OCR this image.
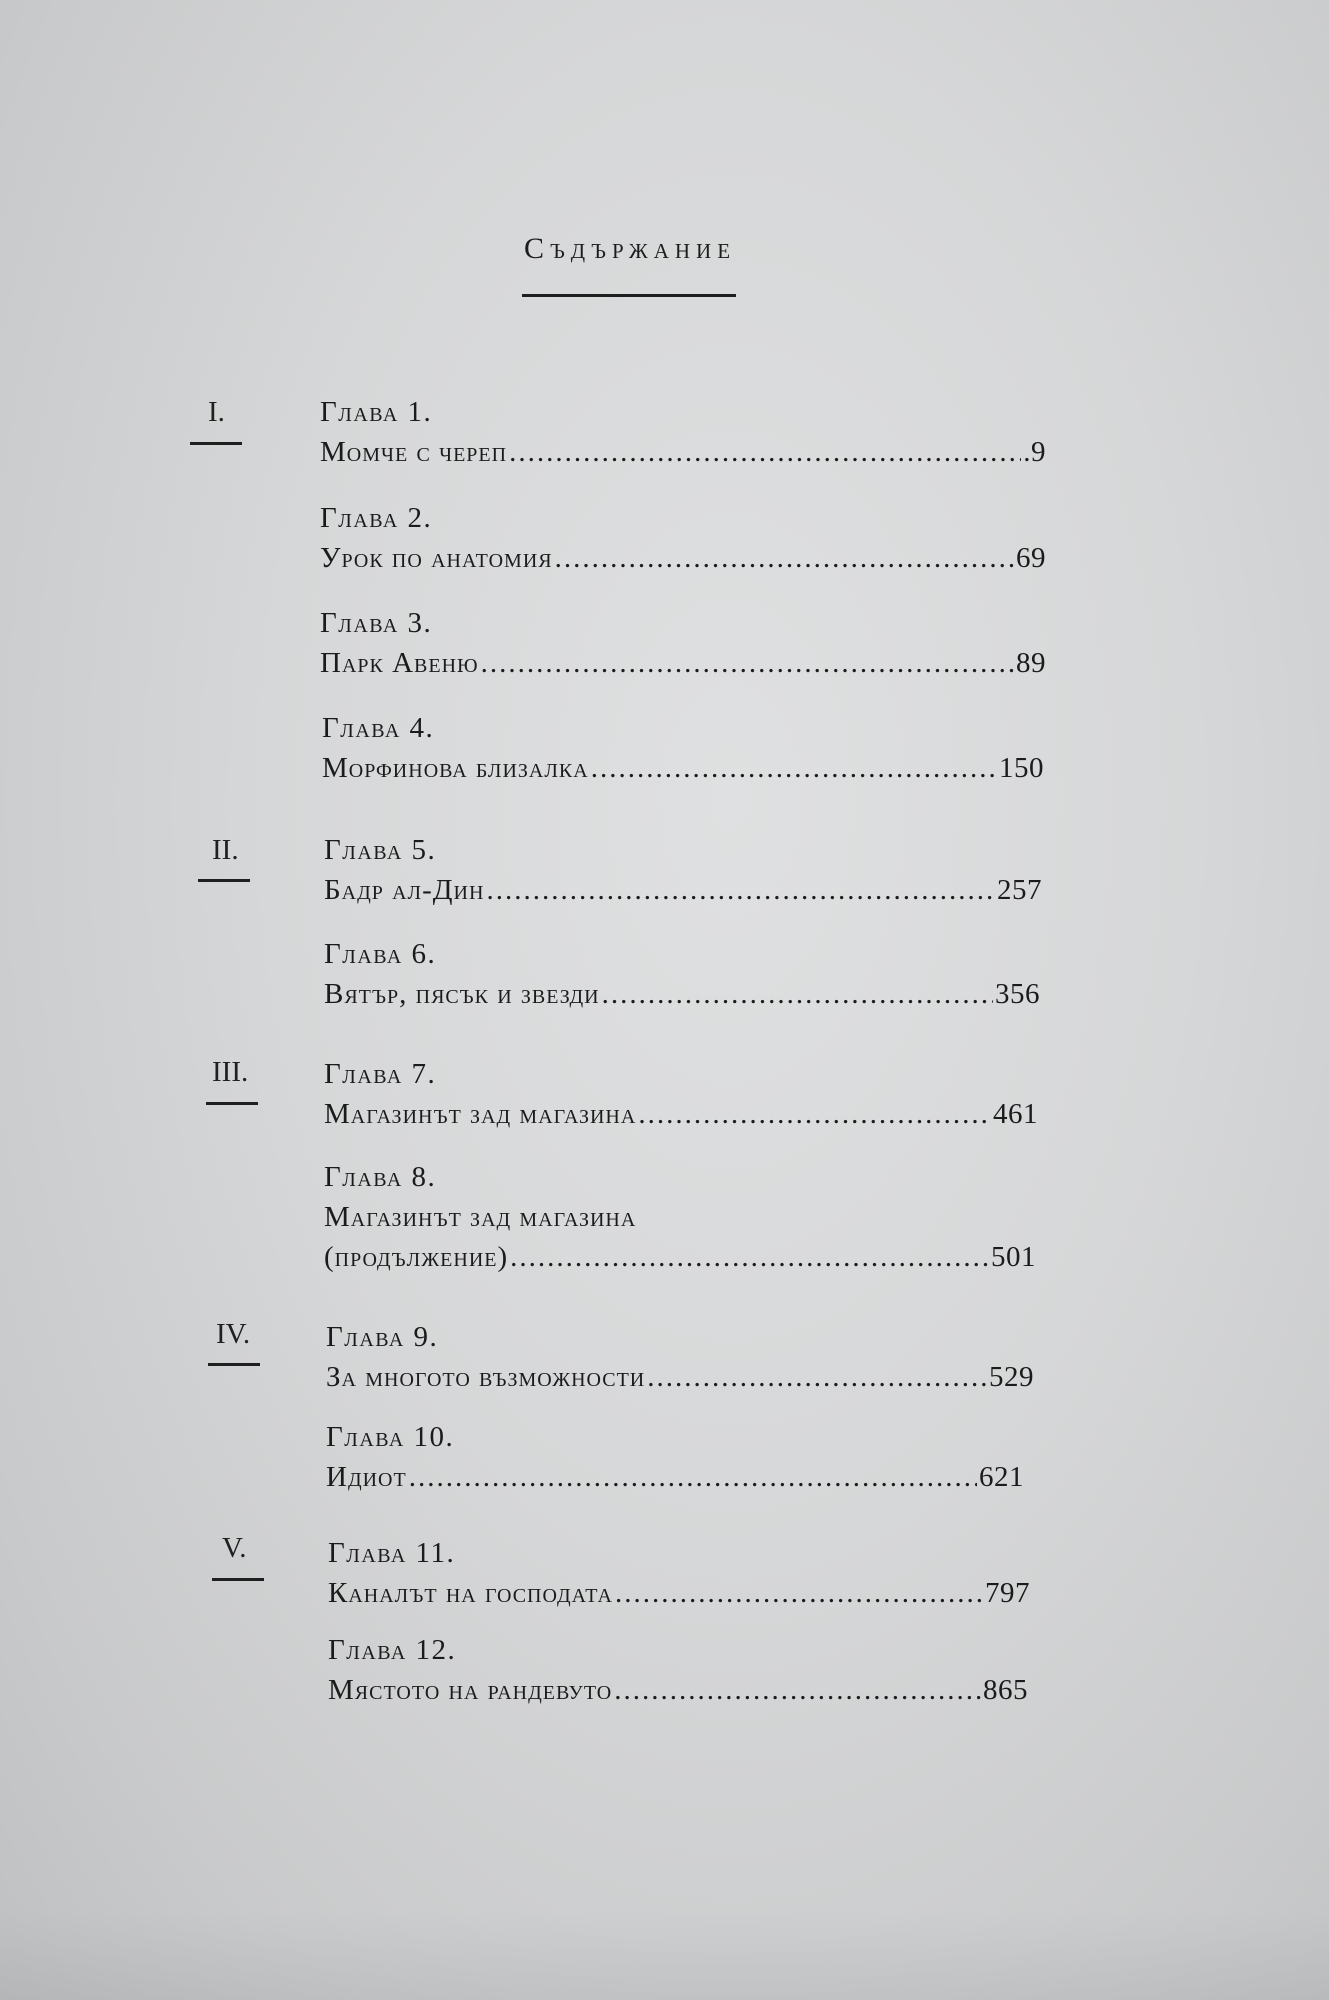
Съдържание
I.	Глава 1.
Момче с череп .....	.9
Глава 2.
Урок по анатомия .....	69
Глава 3.
Парк Авеню .....	89
Глава 4.
Морфинова близалка .....	150
II.	Глава 5.
Бадр ал-Дин .....	257
Глава 6.
Вятър, пясък и звезди .....	356
III.	Глава 7.
Магазинът зад магазина .....	461
Глава 8.
Магазинът зад магазина
(продължение) .....	501
IV.	Глава 9.
За многото възможности .....	529
Глава 10.
Идиот .....	621
V.	Глава 11.
Каналът на господата .....	797
Глава 12.
Мястото на рандевуто .....	865
